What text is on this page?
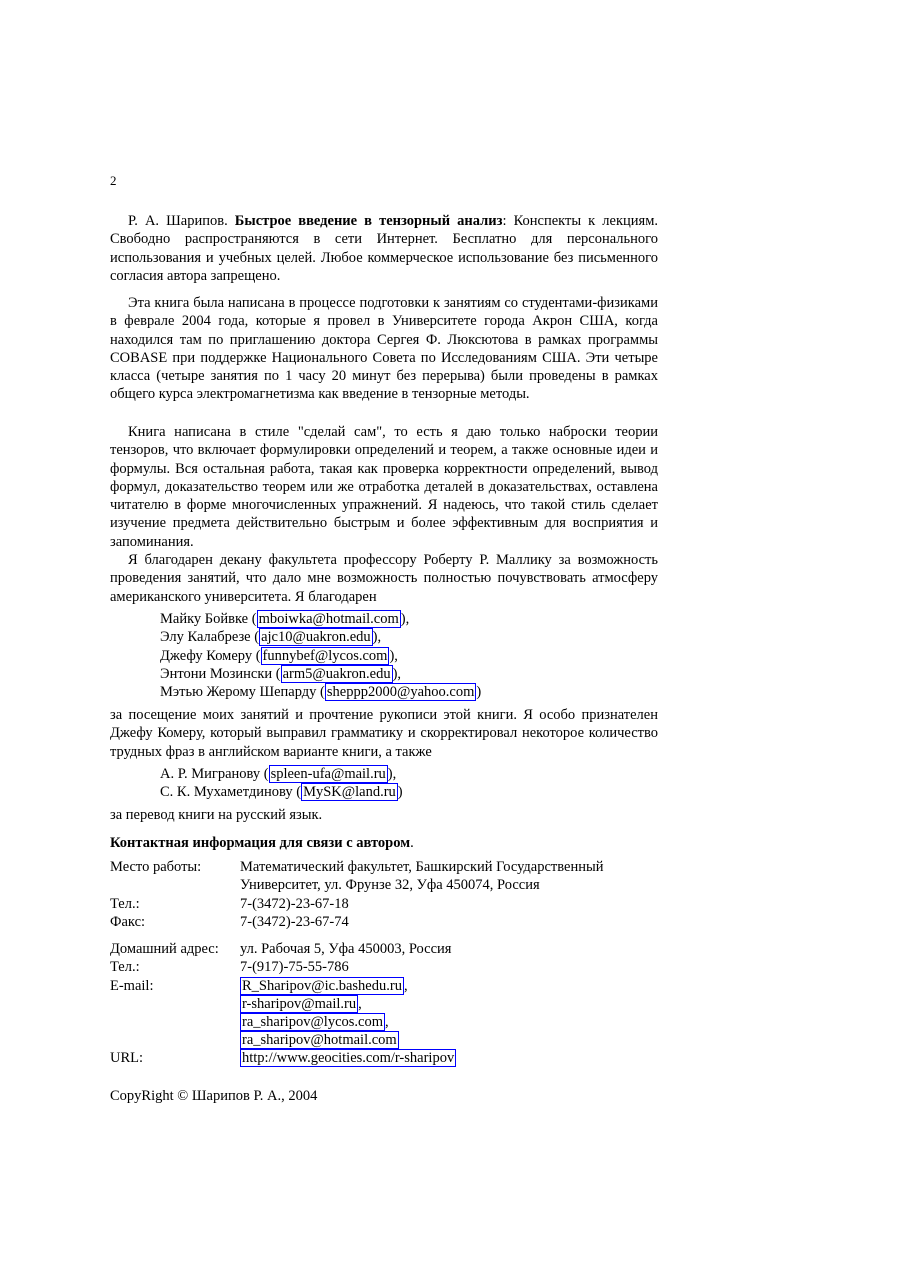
2
Р. А. Шарипов. Быстрое введение в тензорный анализ: Конспекты к лекциям. Свободно распространяются в сети Интернет. Бесплатно для персонального использования и учебных целей. Любое коммерческое использование без письменного согласия автора запрещено.
Эта книга была написана в процессе подготовки к занятиям со студентами-физиками в феврале 2004 года, которые я провел в Университете города Акрон США, когда находился там по приглашению доктора Сергея Ф. Люксютова в рамках программы COBASE при поддержке Национального Совета по Исследованиям США. Эти четыре класса (четыре занятия по 1 часу 20 минут без перерыва) были проведены в рамках общего курса электромагнетизма как введение в тензорные методы.
Книга написана в стиле "сделай сам", то есть я даю только наброски теории тензоров, что включает формулировки определений и теорем, а также основные идеи и формулы. Вся остальная работа, такая как проверка корректности определений, вывод формул, доказательство теорем или же отработка деталей в доказательствах, оставлена читателю в форме многочисленных упражнений. Я надеюсь, что такой стиль сделает изучение предмета действительно быстрым и более эффективным для восприятия и запоминания.
Я благодарен декану факультета профессору Роберту Р. Маллику за возможность проведения занятий, что дало мне возможность полностью почувствовать атмосферу американского университета. Я благодарен
Майку Бойвке ( mboiwka@hotmail.com ),
Элу Калабрезе ( ajc10@uakron.edu ),
Джефу Комеру ( funnybef@lycos.com ),
Энтони Мозински ( arm5@uakron.edu ),
Мэтью Жерому Шепарду ( sheppp2000@yahoo.com )
за посещение моих занятий и прочтение рукописи этой книги. Я особо признателен Джефу Комеру, который выправил грамматику и скорректировал некоторое количество трудных фраз в английском варианте книги, а также
А. Р. Мигранову ( spleen-ufa@mail.ru ),
С. К. Мухаметдинову ( MySK@land.ru )
за перевод книги на русский язык.
Контактная информация для связи с автором.
Место работы:	Математический факультет, Башкирский Государственный
Университет, ул. Фрунзе 32, Уфа 450074, Россия
Тел.:	7-(3472)-23-67-18
Факс:	7-(3472)-23-67-74
Домашний адрес: ул. Рабочая 5, Уфа 450003, Россия
Тел.:	7-(917)-75-55-786
E-mail:	R_Sharipov@ic.bashedu.ru ,
r-sharipov@mail.ru ,
ra_sharipov@lycos.com ,
ra_sharipov@hotmail.com
URL:	http://www.geocities.com/r-sharipov
CopyRight © Шарипов Р. А., 2004
